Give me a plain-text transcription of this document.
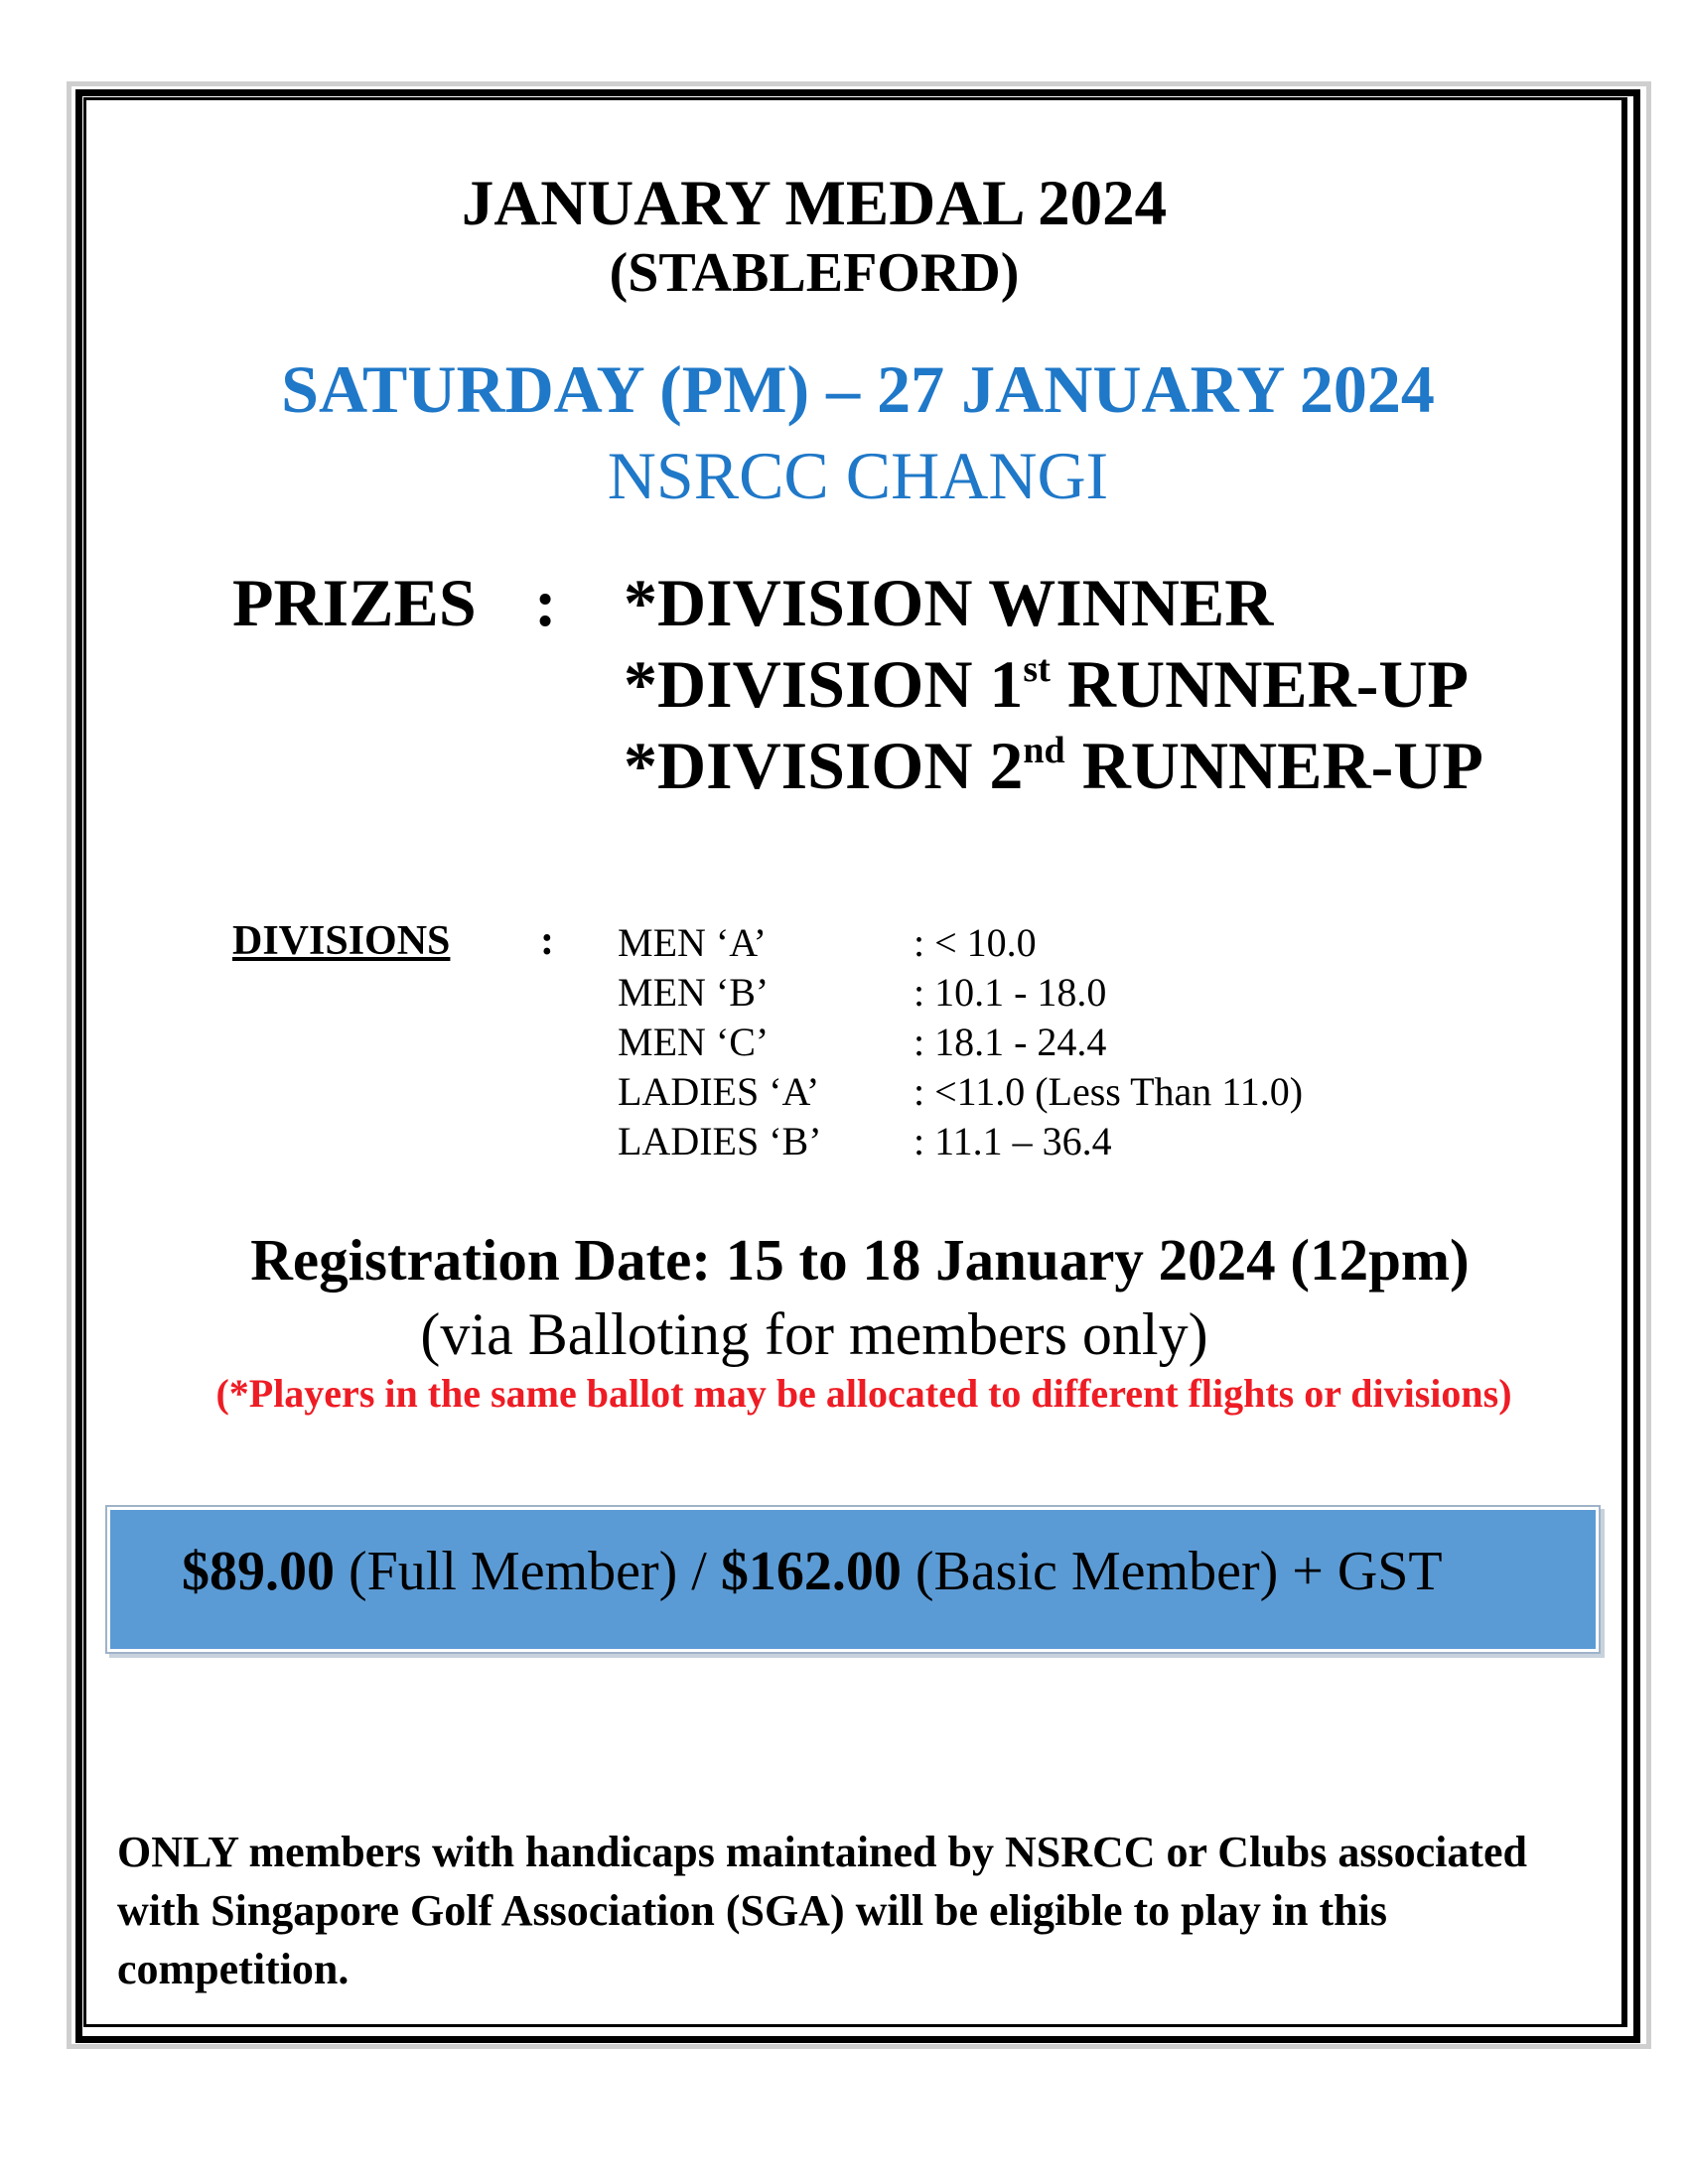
JANUARY MEDAL 2024
(STABLEFORD)
SATURDAY (PM) – 27 JANUARY 2024
NSRCC CHANGI
PRIZES : *DIVISION WINNER
*DIVISION 1st RUNNER-UP
*DIVISION 2nd RUNNER-UP
DIVISIONS : MEN ‘A’	: < 10.0
MEN ‘B’	: 10.1 - 18.0
MEN ‘C’	: 18.1 - 24.4
LADIES ‘A’ : <11.0 (Less Than 11.0)
LADIES ‘B’ : 11.1 – 36.4
Registration Date: 15 to 18 January 2024 (12pm)
(via Balloting for members only)
(*Players in the same ballot may be allocated to different flights or divisions)
$89.00 (Full Member) / $162.00 (Basic Member) + GST
ONLY members with handicaps maintained by NSRCC or Clubs associated with Singapore Golf Association (SGA) will be eligible to play in this competition.
